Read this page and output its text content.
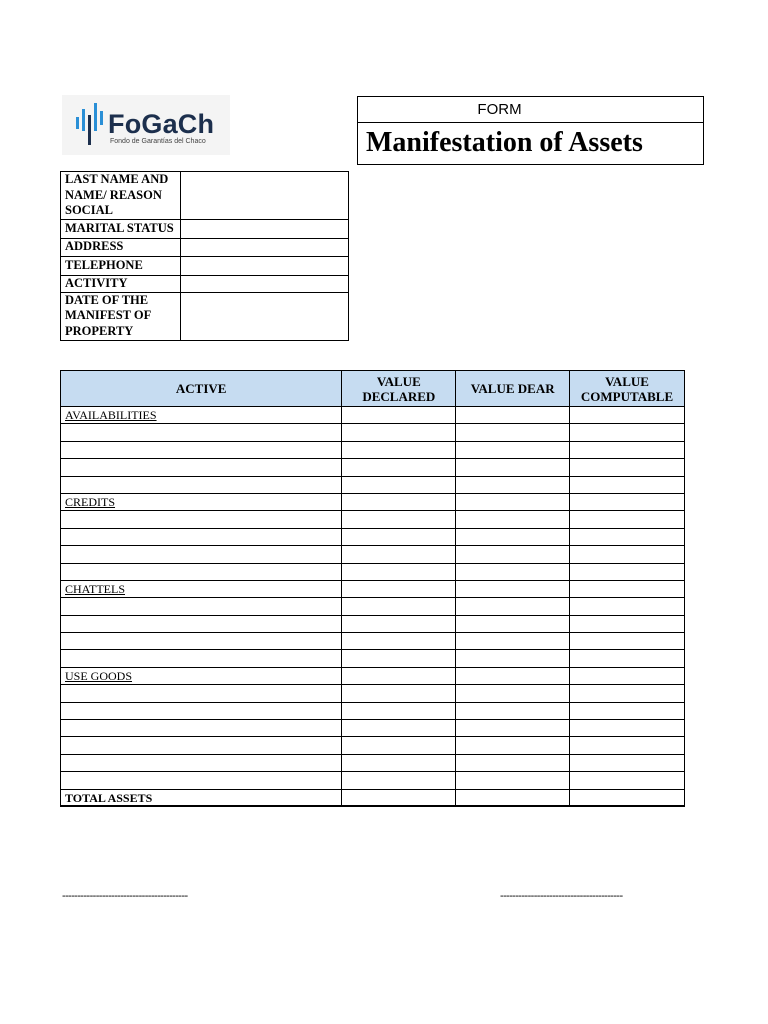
FoGaCh
Fondo de Garantías del Chaco
FORM
Manifestation of Assets
LAST NAME AND NAME/ REASON SOCIAL	
MARITAL STATUS	
ADDRESS	
TELEPHONE	
ACTIVITY	
DATE OF THE MANIFEST OF PROPERTY	
ACTIVE	VALUE DECLARED	VALUE DEAR	VALUE COMPUTABLE
AVAILABILITIES			

CREDITS			

CHATTELS			

USE GOODS			

TOTAL ASSETS			
-----------------------------------------	----------------------------------------
